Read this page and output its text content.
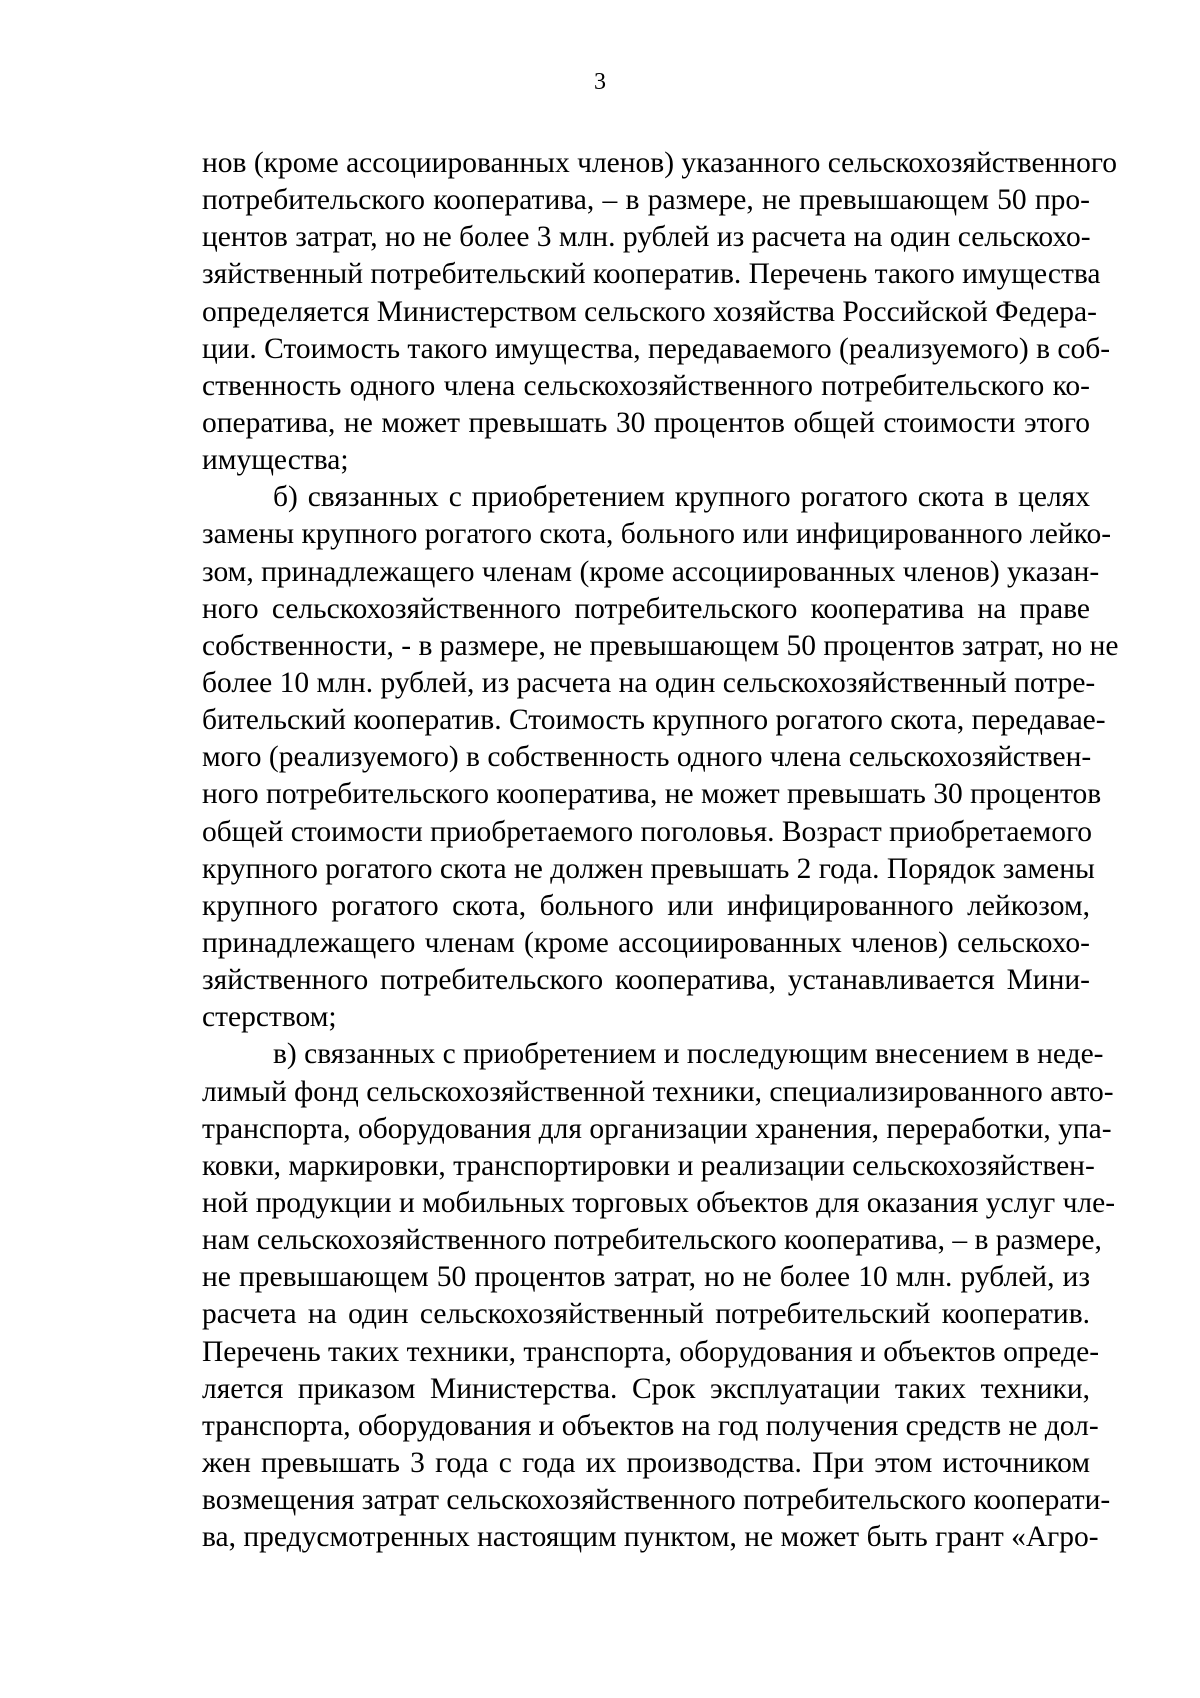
3
нов (кроме ассоциированных членов) указанного сельскохозяйственного
потребительского кооператива, – в размере, не превышающем 50 про-
центов затрат, но не более 3 млн. рублей из расчета на один сельскохо-
зяйственный потребительский кооператив. Перечень такого имущества
определяется Министерством сельского хозяйства Российской Федера-
ции. Стоимость такого имущества, передаваемого (реализуемого) в соб-
ственность одного члена сельскохозяйственного потребительского ко-
оператива, не может превышать 30 процентов общей стоимости этого
имущества;
б) связанных с приобретением крупного рогатого скота в целях
замены крупного рогатого скота, больного или инфицированного лейко-
зом, принадлежащего членам (кроме ассоциированных членов) указан-
ного сельскохозяйственного потребительского кооператива на праве
собственности, - в размере, не превышающем 50 процентов затрат, но не
более 10 млн. рублей, из расчета на один сельскохозяйственный потре-
бительский кооператив. Стоимость крупного рогатого скота, передавае-
мого (реализуемого) в собственность одного члена сельскохозяйствен-
ного потребительского кооператива, не может превышать 30 процентов
общей стоимости приобретаемого поголовья. Возраст приобретаемого
крупного рогатого скота не должен превышать 2 года. Порядок замены
крупного рогатого скота, больного или инфицированного лейкозом,
принадлежащего членам (кроме ассоциированных членов) сельскохо-
зяйственного потребительского кооператива, устанавливается Мини-
стерством;
в) связанных с приобретением и последующим внесением в неде-
лимый фонд сельскохозяйственной техники, специализированного авто-
транспорта, оборудования для организации хранения, переработки, упа-
ковки, маркировки, транспортировки и реализации сельскохозяйствен-
ной продукции и мобильных торговых объектов для оказания услуг чле-
нам сельскохозяйственного потребительского кооператива, – в размере,
не превышающем 50 процентов затрат, но не более 10 млн. рублей, из
расчета на один сельскохозяйственный потребительский кооператив.
Перечень таких техники, транспорта, оборудования и объектов опреде-
ляется приказом Министерства. Срок эксплуатации таких техники,
транспорта, оборудования и объектов на год получения средств не дол-
жен превышать 3 года с года их производства. При этом источником
возмещения затрат сельскохозяйственного потребительского кооперати-
ва, предусмотренных настоящим пунктом, не может быть грант «Агро-
